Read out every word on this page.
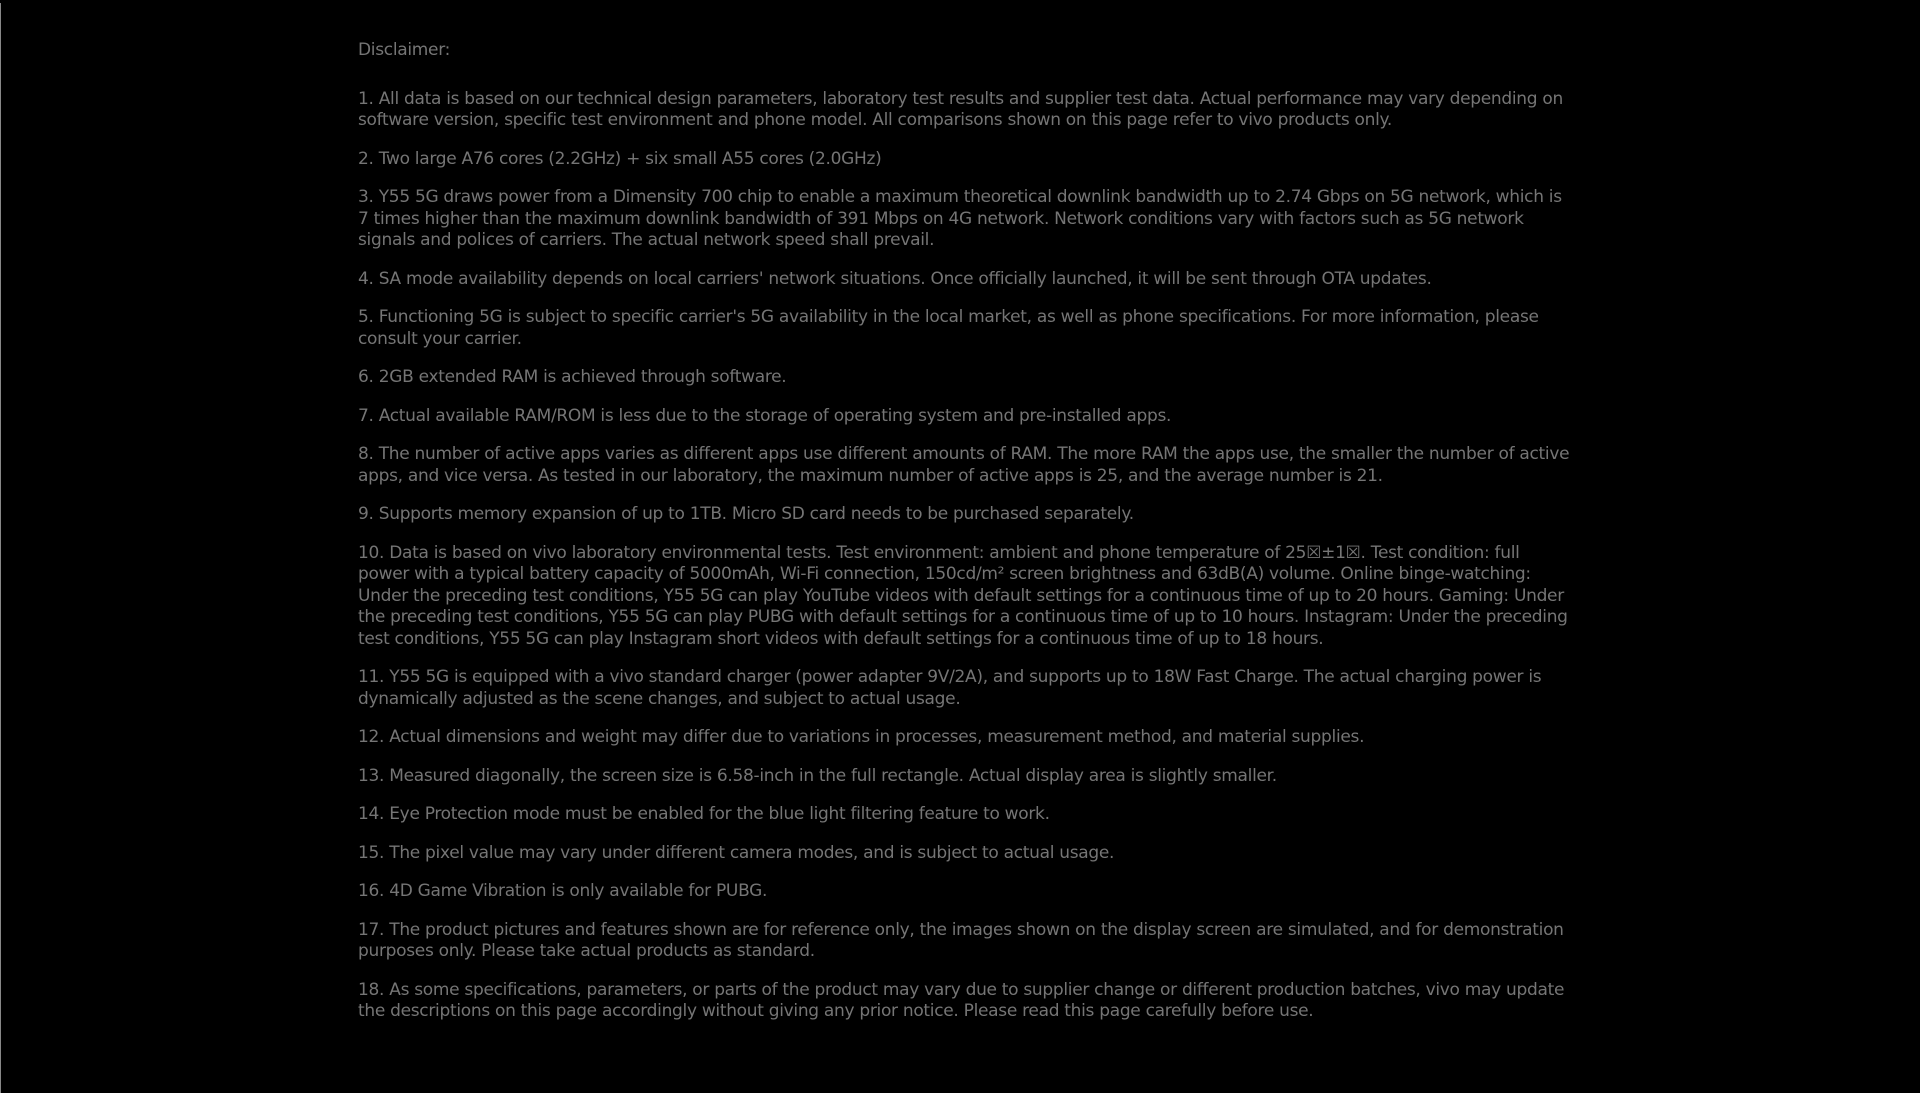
Disclaimer:

1. All data is based on our technical design parameters, laboratory test results and supplier test data. Actual performance may vary depending on software version, specific test environment and phone model. All comparisons shown on this page refer to vivo products only.

2. Two large A76 cores (2.2GHz) + six small A55 cores (2.0GHz)

3. Y55 5G draws power from a Dimensity 700 chip to enable a maximum theoretical downlink bandwidth up to 2.74 Gbps on 5G network, which is 7 times higher than the maximum downlink bandwidth of 391 Mbps on 4G network. Network conditions vary with factors such as 5G network signals and polices of carriers. The actual network speed shall prevail.

4. SA mode availability depends on local carriers' network situations. Once officially launched, it will be sent through OTA updates.

5. Functioning 5G is subject to specific carrier's 5G availability in the local market, as well as phone specifications. For more information, please consult your carrier.

6. 2GB extended RAM is achieved through software.

7. Actual available RAM/ROM is less due to the storage of operating system and pre-installed apps.

8. The number of active apps varies as different apps use different amounts of RAM. The more RAM the apps use, the smaller the number of active apps, and vice versa. As tested in our laboratory, the maximum number of active apps is 25, and the average number is 21.

9. Supports memory expansion of up to 1TB. Micro SD card needs to be purchased separately.

10. Data is based on vivo laboratory environmental tests. Test environment: ambient and phone temperature of 25☒±1☒. Test condition: full power with a typical battery capacity of 5000mAh, Wi-Fi connection, 150cd/m² screen brightness and 63dB(A) volume. Online binge-watching: Under the preceding test conditions, Y55 5G can play YouTube videos with default settings for a continuous time of up to 20 hours. Gaming: Under the preceding test conditions, Y55 5G can play PUBG with default settings for a continuous time of up to 10 hours. Instagram: Under the preceding test conditions, Y55 5G can play Instagram short videos with default settings for a continuous time of up to 18 hours.

11. Y55 5G is equipped with a vivo standard charger (power adapter 9V/2A), and supports up to 18W Fast Charge. The actual charging power is dynamically adjusted as the scene changes, and subject to actual usage.

12. Actual dimensions and weight may differ due to variations in processes, measurement method, and material supplies.

13. Measured diagonally, the screen size is 6.58-inch in the full rectangle. Actual display area is slightly smaller.

14. Eye Protection mode must be enabled for the blue light filtering feature to work.

15. The pixel value may vary under different camera modes, and is subject to actual usage.

16. 4D Game Vibration is only available for PUBG.

17. The product pictures and features shown are for reference only, the images shown on the display screen are simulated, and for demonstration purposes only. Please take actual products as standard.

18. As some specifications, parameters, or parts of the product may vary due to supplier change or different production batches, vivo may update the descriptions on this page accordingly without giving any prior notice. Please read this page carefully before use.
